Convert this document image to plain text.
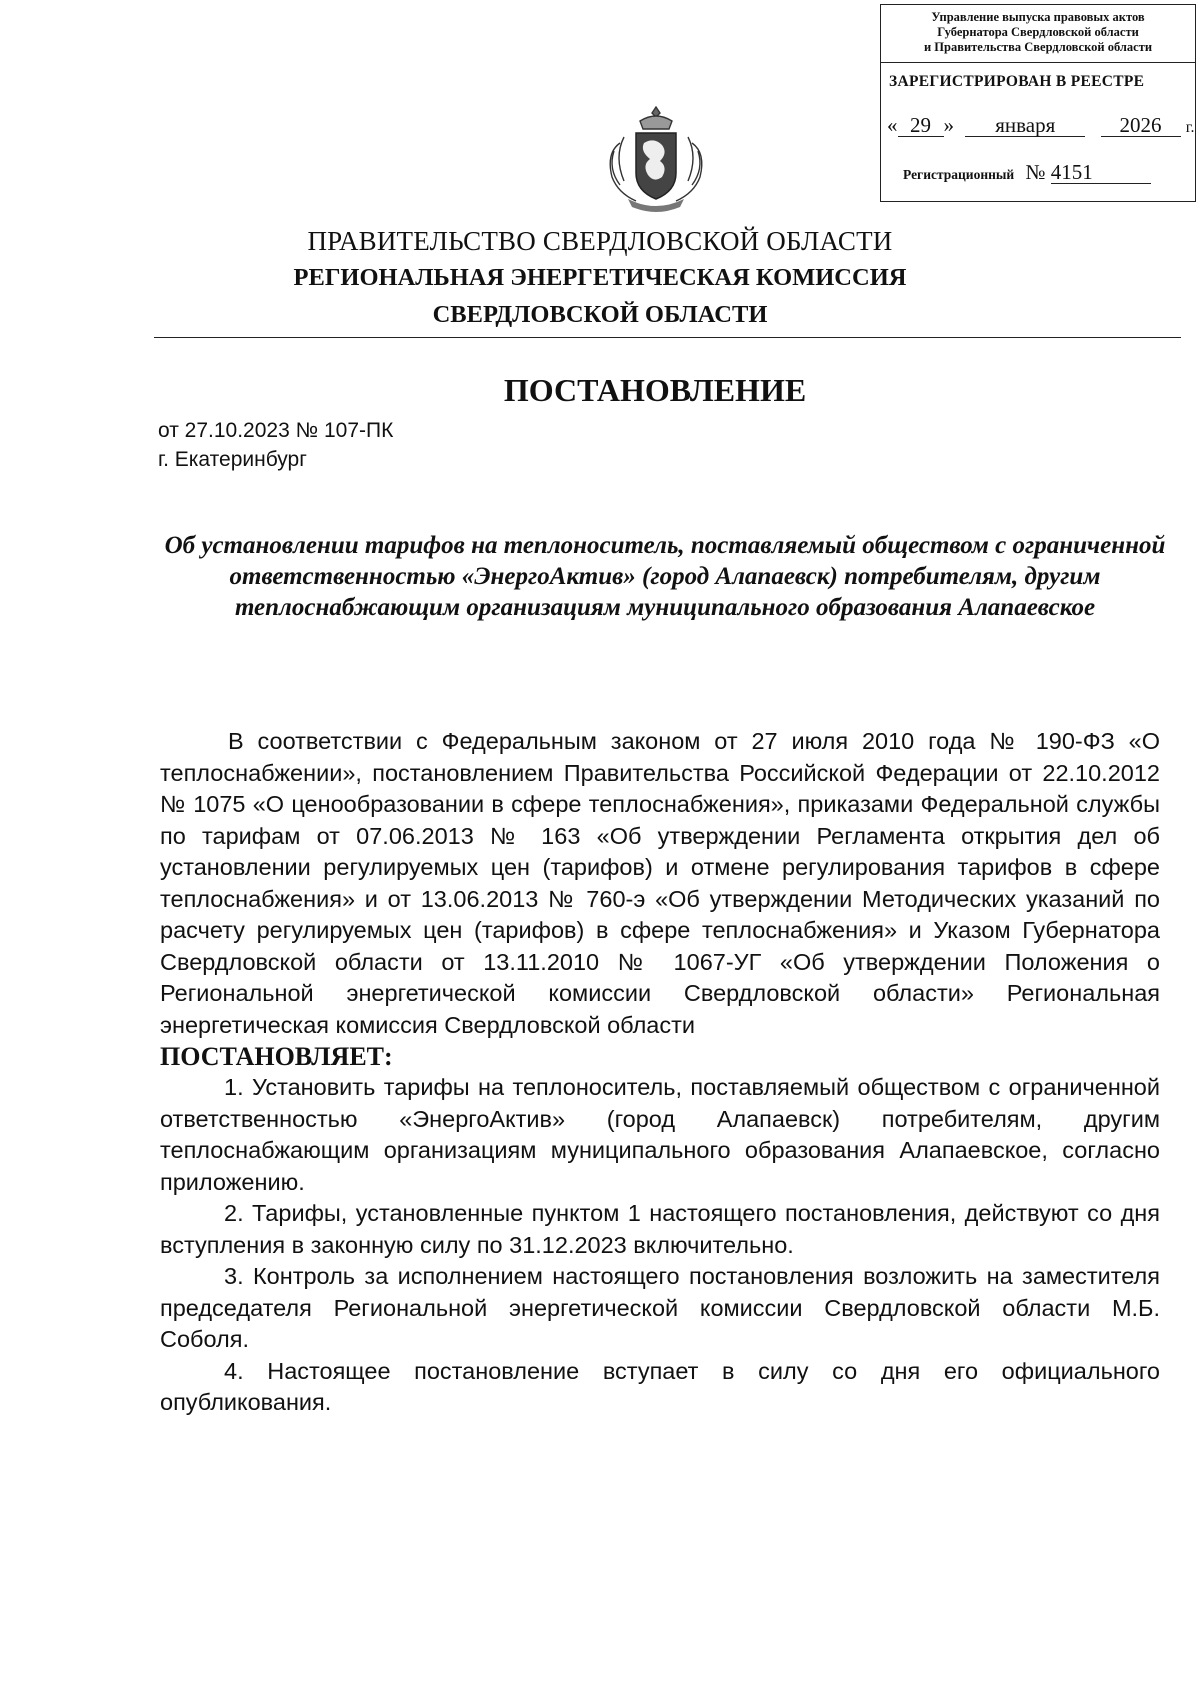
Управление выпуска правовых актов
Губернатора Свердловской области
и Правительства Свердловской области
ЗАРЕГИСТРИРОВАН В РЕЕСТРЕ
« 29 » января	2026 г.
Регистрационный № 4151
ПРАВИТЕЛЬСТВО СВЕРДЛОВСКОЙ ОБЛАСТИ
РЕГИОНАЛЬНАЯ ЭНЕРГЕТИЧЕСКАЯ КОМИССИЯ
СВЕРДЛОВСКОЙ ОБЛАСТИ
ПОСТАНОВЛЕНИЕ
от 27.10.2023 № 107-ПК
г. Екатеринбург
Об установлении тарифов на теплоноситель, поставляемый обществом с ограниченной ответственностью «ЭнергоАктив» (город Алапаевск) потребителям, другим теплоснабжающим организациям муниципального образования Алапаевское

В соответствии с Федеральным законом от 27 июля 2010 года № 190-ФЗ «О теплоснабжении», постановлением Правительства Российской Федерации от 22.10.2012 № 1075 «О ценообразовании в сфере теплоснабжения», приказами Федеральной службы по тарифам от 07.06.2013 № 163 «Об утверждении Регламента открытия дел об установлении регулируемых цен (тарифов) и отмене регулирования тарифов в сфере теплоснабжения» и от 13.06.2013 № 760-э «Об утверждении Методических указаний по расчету регулируемых цен (тарифов) в сфере теплоснабжения» и Указом Губернатора Свердловской области от 13.11.2010 № 1067-УГ «Об утверждении Положения о Региональной энергетической комиссии Свердловской области» Региональная энергетическая комиссия Свердловской области

ПОСТАНОВЛЯЕТ:

1. Установить тарифы на теплоноситель, поставляемый обществом с ограниченной ответственностью «ЭнергоАктив» (город Алапаевск) потребителям, другим теплоснабжающим организациям муниципального образования Алапаевское, согласно приложению.

2. Тарифы, установленные пунктом 1 настоящего постановления, действуют со дня вступления в законную силу по 31.12.2023 включительно.

3. Контроль за исполнением настоящего постановления возложить на заместителя председателя Региональной энергетической комиссии Свердловской области М.Б. Соболя.

4. Настоящее постановление вступает в силу со дня его официального опубликования.
